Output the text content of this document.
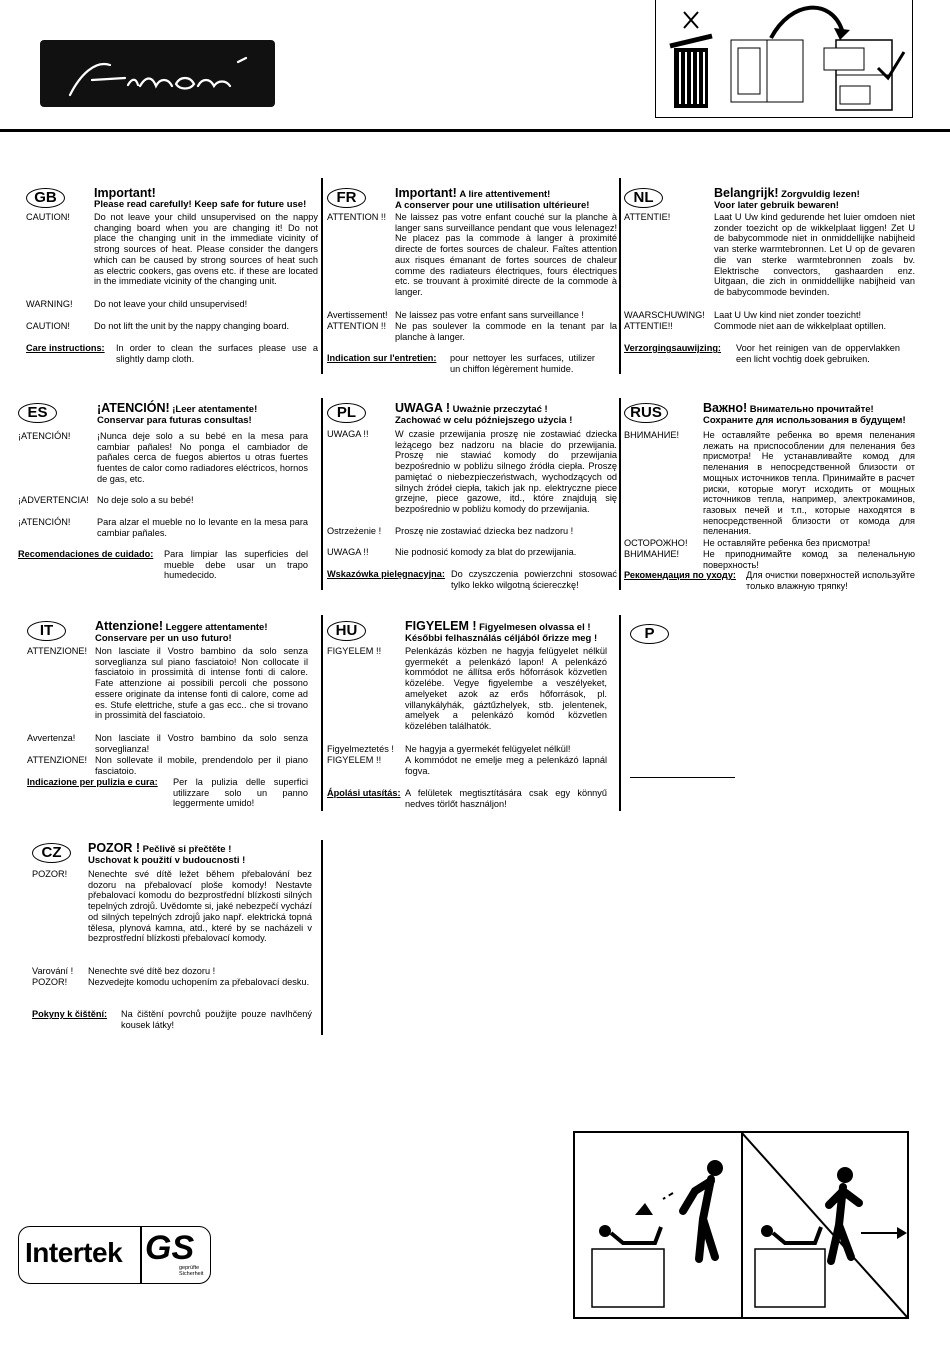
GB	Important!
Please read carefully! Keep safe for future use!
CAUTION!	Do not leave your child unsupervised on the nappy changing board when you are changing it! Do not place the changing unit in the immediate vicinity of strong sources of heat. Please consider the dangers which can be caused by strong sources of heat such as electric cookers, gas ovens etc. if these are located in the immediate vicinity of the changing unit.
WARNING! Do not leave your child unsupervised!
CAUTION!	Do not lift the unit by the nappy changing board.
Care instructions: In order to clean the surfaces please use a slightly damp cloth.
FR	Important! A lire attentivement!
A conserver pour une utilisation ultérieure!
ATTENTION !! Ne laissez pas votre enfant couché sur la planche à langer sans surveillance pendant que vous lelenagez! Ne placez pas la commode à langer à proximité directe de fortes sources de chaleur. Faîtes attention aux risques émanant de fortes sources de chaleur comme des radiateurs électriques, fours électriques etc. se trouvant à proximité directe de la commode à langer.
Avertissement! Ne laissez pas votre enfant sans surveillance !
ATTENTION !! Ne pas soulever la commode en la tenant par la planche à langer.
Indication sur l'entretien: pour nettoyer les surfaces, utilizer un chiffon légèrement humide.
NL	Belangrijk! Zorgvuldig lezen!
Voor later gebruik bewaren!
ATTENTIE!	Laat U Uw kind gedurende het luier omdoen niet zonder toezicht op de wikkelplaat liggen! Zet U de babycommode niet in onmiddellijke nabijheid van sterke warmtebronnen. Let U op de gevaren die van sterke warmtebronnen zoals bv. Elektrische convectors, gashaarden enz. Uitgaan, die zich in onmiddellijke nabijheid van de babycommode bevinden.
WAARSCHUWING! Laat U Uw kind niet zonder toezicht!
ATTENTIE!!	Commode niet aan de wikkelplaat optillen.
Verzorgingsauwijzing: Voor het reinigen van de oppervlakken een licht vochtig doek gebruiken.
ES	¡ATENCIÓN! ¡Leer atentamente!
Conservar para futuras consultas!
¡ATENCIÓN!	¡Nunca deje solo a su bebé en la mesa para cambiar pañales! No ponga el cambiador de pañales cerca de fuegos abiertos u otras fuertes fuentes de calor como radiadores eléctricos, hornos de gas, etc.
¡ADVERTENCIA! No deje solo a su bebé!
¡ATENCIÓN!	Para alzar el mueble no lo levante en la mesa para cambiar pañales.
Recomendaciones de cuidado: Para limpiar las superficies del mueble debe usar un trapo humedecido.
PL	UWAGA ! Uważnie przeczytać !
Zachować w celu późniejszego użycia !
UWAGA !!	W czasie przewijania proszę nie zostawiać dziecka leżącego bez nadzoru na blacie do przewijania. Proszę nie stawiać komody do przewijania bezpośrednio w pobliżu silnego źródła ciepła. Proszę pamiętać o niebezpieczeństwach, wychodzących od silnych źródeł ciepła, takich jak np. elektryczne piece grzejne, piece gazowe, itd., które znajdują się bezpośrednio w pobliżu komody do przewijania.
Ostrzeżenie ! Proszę nie zostawiać dziecka bez nadzoru !
UWAGA !!	Nie podnosić komody za blat do przewijania.
Wskazówka pielęgnacyjna: Do czyszczenia powierzchni stosować tylko lekko wilgotną ściereczkę!
RUS	Важно! Внимательно прочитайте!
Сохраните для использования в будущем!
ВНИМАНИЕ!	Не оставляйте ребенка во время пеленания лежать на приспособлении для пеленания без присмотра! Не устанавливайте комод для пеленания в непосредственной близости от мощных источников тепла. Принимайте в расчет риски, которые могут исходить от мощных источников тепла, например, электрокаминов, газовых печей и т.п., которые находятся в непосредственной близости от комода для пеленания.
ОСТОРОЖНО! Не оставляйте ребенка без присмотра!
ВНИМАНИЕ!	Не приподнимайте комод за пеленальную поверхность!
Рекомендация по уходу: Для очистки поверхностей используйте только влажную тряпку!
IT	Attenzione! Leggere attentamente!
Conservare per un uso futuro!
ATTENZIONE! Non lasciate il Vostro bambino da solo senza sorveglianza sul piano fasciatoio! Non collocate il fasciatoio in prossimità di intense fonti di calore. Fate attenzione ai possibili percoli che possono essere originate da intense fonti di calore, come ad es. Stufe elettriche, stufe a gas ecc.. che si trovano in prossimità del fasciatoio.
Avvertenza! Non lasciate il Vostro bambino da solo senza sorveglianza!
ATTENZIONE! Non sollevate il mobile, prendendolo per il piano fasciatoio.
Indicazione per pulizia e cura: Per la pulizia delle superfici utilizzare solo un panno leggermente umido!
HU	FIGYELEM ! Figyelmesen olvassa el !
Későbbi felhasználás céljából őrizze meg !
FIGYELEM !!	Pelenkázás közben ne hagyja felügyelet nélkül gyermekét a pelenkázó lapon! A pelenkázó kommódot ne állítsa erős hőforrások közvetlen közelébe. Vegye figyelembe a veszélyeket, amelyeket azok az erős hőforrások, pl. villanykályhák, gáztűzhelyek, stb. jelentenek, amelyek a pelenkázó komód közvetlen közelében találhatók.
Figyelmeztetés ! Ne hagyja a gyermekét felügyelet nélkül!
FIGYELEM !!	A kommódot ne emelje meg a pelenkázó lapnál fogva.
Ápolási utasítás: A felületek megtisztítására csak egy könnyű nedves törlőt használjon!
P
CZ	POZOR ! Pečlivě si přečtěte !
Uschovat k použití v budoucnosti !
POZOR! Nenechte své dítě ležet během přebalování bez dozoru na přebalovací ploše komody! Nestavte přebalovací komodu do bezprostřední blízkosti silných tepelných zdrojů. Uvědomte si, jaké nebezpečí vychází od silných tepelných zdrojů jako např. elektrická topná tělesa, plynová kamna, atd., které by se nacházeli v bezprostřední blízkosti přebalovací komody.
Varování ! Nenechte své dítě bez dozoru !
POZOR! Nezvedejte komodu uchopením za přebalovací desku.
Pokyny k čištění: Na čištění povrchů použijte pouze navlhčený kousek látky!
Intertek GS
geprüfte Sicherheit
